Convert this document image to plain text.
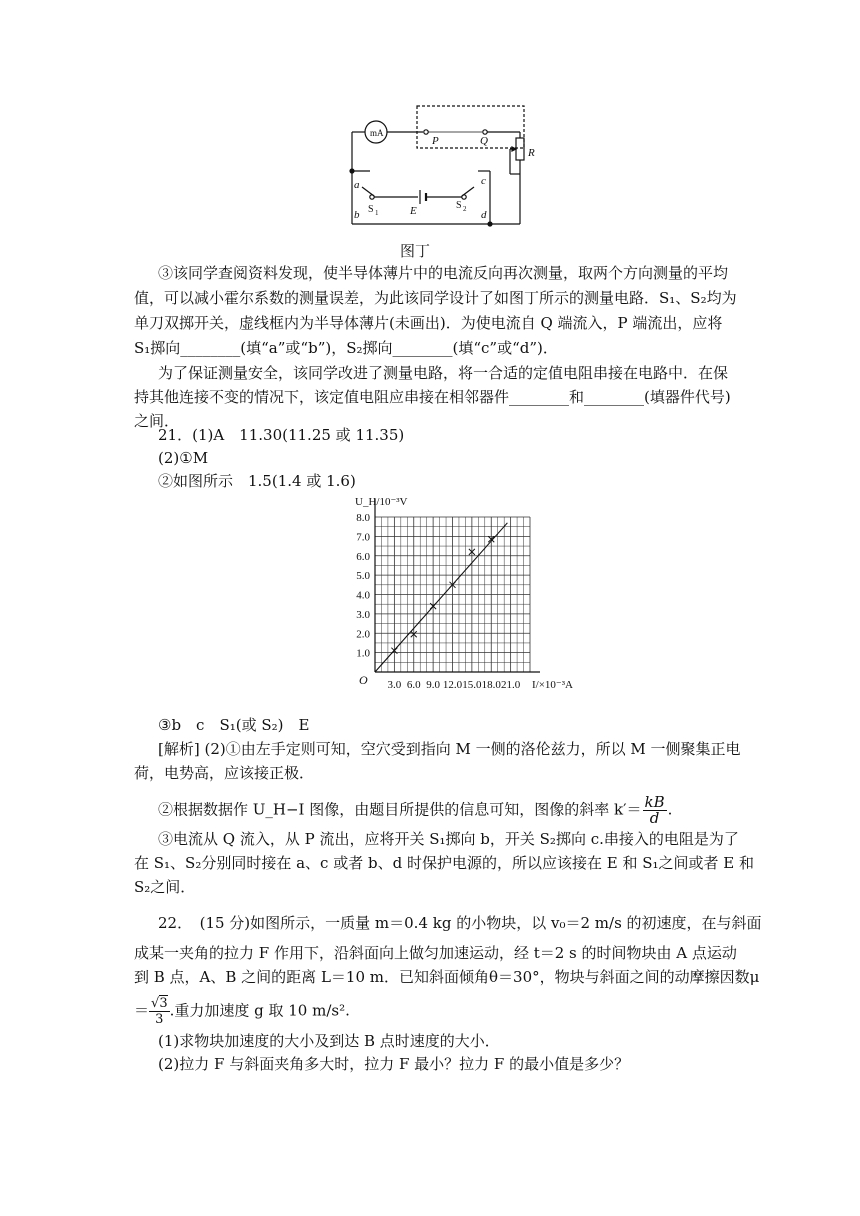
mA
P	Q
R
a
b
c
d
E
S 1
S 2
图丁
③该同学查阅资料发现，使半导体薄片中的电流反向再次测量，取两个方向测量的平均
值，可以减小霍尔系数的测量误差，为此该同学设计了如图丁所示的测量电路．S₁、S₂均为
单刀双掷开关，虚线框内为半导体薄片(未画出)．为使电流自 Q 端流入，P 端流出，应将
S₁掷向________(填“a”或“b”)，S₂掷向________(填“c”或“d”)．
为了保证测量安全，该同学改进了测量电路，将一合适的定值电阻串接在电路中．在保
持其他连接不变的情况下，该定值电阻应串接在相邻器件________和________(填器件代号)
之间．
21．(1)A　11.30(11.25 或 11.35)
(2)①M
②如图所示　1.5(1.4 或 1.6)
1.0
2.0
3.0
4.0
5.0
6.0
7.0
8.0
3.0 6.0 9.0 12.0 15.0 18.0 21.0
O
U_H/10⁻³V
I/×10⁻³A
③b　c　S₁(或 S₂)　E
[解析] (2)①由左手定则可知，空穴受到指向 M 一侧的洛伦兹力，所以 M 一侧聚集正电
荷，电势高，应该接正极．
②根据数据作 U_H−I 图像，由题目所提供的信息可知，图像的斜率 $k'= \frac{kB}{d}$ .
③电流从 Q 流入，从 P 流出，应将开关 S₁掷向 b，开关 S₂掷向 c.串接入的电阻是为了
在 S₁、S₂分别同时接在 a、c 或者 b、d 时保护电源的，所以应该接在 E 和 S₁之间或者 E 和
S₂之间．
22．　(15 分)如图所示，一质量 m＝0.4 kg 的小物块，以 v₀＝2 m/s 的初速度，在与斜面
成某一夹角的拉力 F 作用下，沿斜面向上做匀加速运动，经 t＝2 s 的时间物块由 A 点运动
到 B 点，A、B 之间的距离 L＝10 m．已知斜面倾角θ＝30°，物块与斜面之间的动摩擦因数μ
＝ $\frac{√3}{3}$ .重力加速度 g 取 10 m/s².
(1)求物块加速度的大小及到达 B 点时速度的大小．
(2)拉力 F 与斜面夹角多大时，拉力 F 最小？拉力 F 的最小值是多少？
